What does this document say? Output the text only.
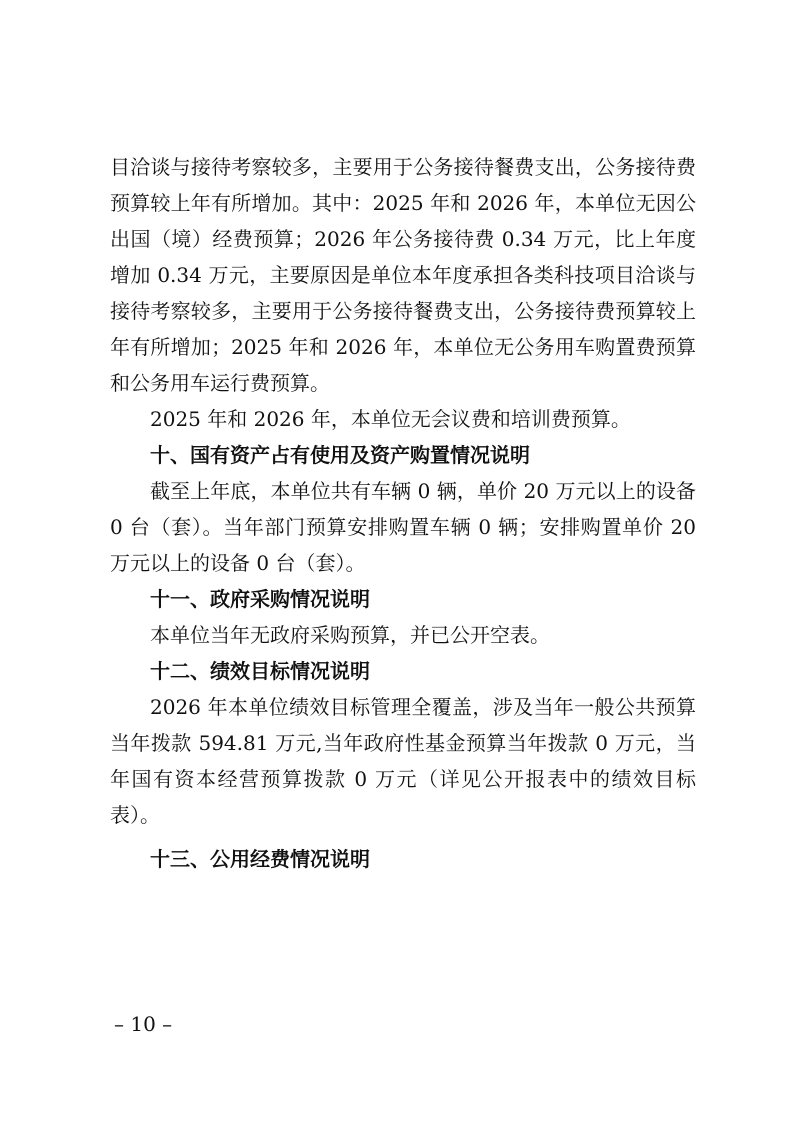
目洽谈与接待考察较多，主要用于公务接待餐费支出，公务接待费预算较上年有所增加。其中：2025 年和 2026 年，本单位无因公出国（境）经费预算；2026 年公务接待费 0.34 万元，比上年度增加 0.34 万元，主要原因是单位本年度承担各类科技项目洽谈与接待考察较多，主要用于公务接待餐费支出，公务接待费预算较上年有所增加；2025 年和 2026 年，本单位无公务用车购置费预算和公务用车运行费预算。

2025 年和 2026 年，本单位无会议费和培训费预算。

十、国有资产占有使用及资产购置情况说明

截至上年底，本单位共有车辆 0 辆，单价 20 万元以上的设备 0 台（套）。当年部门预算安排购置车辆 0 辆；安排购置单价 20 万元以上的设备 0 台（套）。

十一、政府采购情况说明

本单位当年无政府采购预算，并已公开空表。

十二、绩效目标情况说明

2026 年本单位绩效目标管理全覆盖，涉及当年一般公共预算当年拨款 594.81 万元,当年政府性基金预算当年拨款 0 万元，当年国有资本经营预算拨款 0 万元（详见公开报表中的绩效目标表）。

十三、公用经费情况说明
– 10 –
